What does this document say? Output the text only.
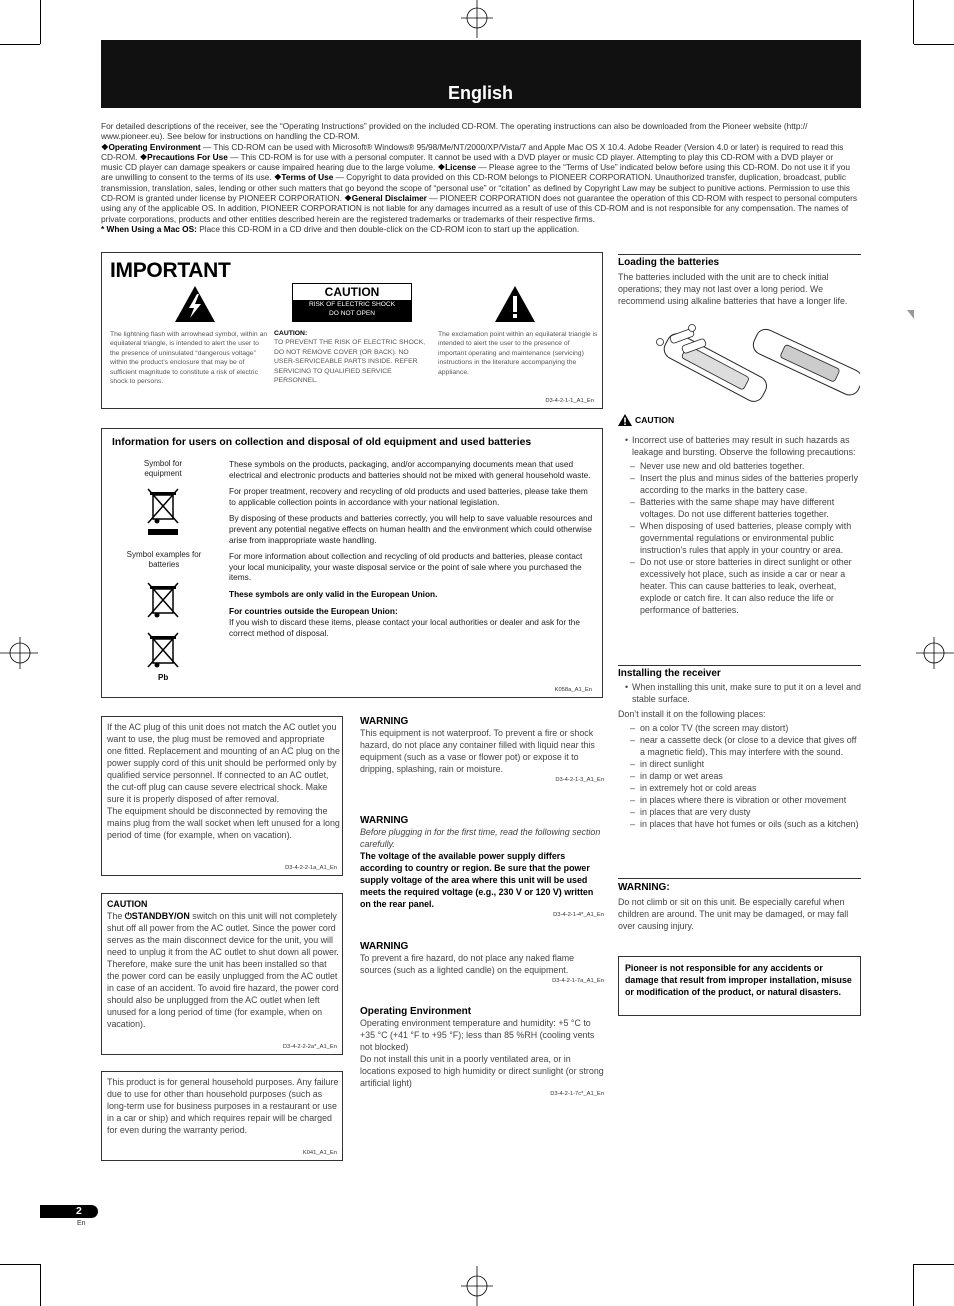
English

For detailed descriptions of the receiver, see the “Operating Instructions” provided on the included CD-ROM. The operating instructions can also be downloaded from the Pioneer website (http:// www.pioneer.eu). See below for instructions on handling the CD-ROM.

❖Operating Environment — This CD-ROM can be used with Microsoft® Windows® 95/98/Me/NT/2000/XP/Vista/7 and Apple Mac OS X 10.4. Adobe Reader (Version 4.0 or later) is required to read this CD-ROM. ❖Precautions For Use — This CD-ROM is for use with a personal computer. It cannot be used with a DVD player or music CD player. Attempting to play this CD-ROM with a DVD player or music CD player can damage speakers or cause impaired hearing due to the large volume. ❖License — Please agree to the “Terms of Use” indicated below before using this CD-ROM. Do not use it if you are unwilling to consent to the terms of its use. ❖Terms of Use — Copyright to data provided on this CD-ROM belongs to PIONEER CORPORATION. Unauthorized transfer, duplication, broadcast, public transmission, translation, sales, lending or other such matters that go beyond the scope of “personal use” or “citation” as defined by Copyright Law may be subject to punitive actions. Permission to use this CD-ROM is granted under license by PIONEER CORPORATION. ❖General Disclaimer — PIONEER CORPORATION does not guarantee the operation of this CD-ROM with respect to personal computers using any of the applicable OS. In addition, PIONEER CORPORATION is not liable for any damages incurred as a result of use of this CD-ROM and is not responsible for any compensation. The names of private corporations, products and other entities described herein are the registered trademarks or trademarks of their respective firms.

* When Using a Mac OS: Place this CD-ROM in a CD drive and then double-click on the CD-ROM icon to start up the application.

IMPORTANT
CAUTION
RISK OF ELECTRIC SHOCK
DO NOT OPEN
The lightning flash with arrowhead symbol, within an equilateral triangle, is intended to alert the user to the presence of uninsulated “dangerous voltage” within the product’s enclosure that may be of sufficient magnitude to constitute a risk of electric shock to persons.
CAUTION:
TO PREVENT THE RISK OF ELECTRIC SHOCK, DO NOT REMOVE COVER (OR BACK). NO USER-SERVICEABLE PARTS INSIDE. REFER SERVICING TO QUALIFIED SERVICE PERSONNEL.
The exclamation point within an equilateral triangle is intended to alert the user to the presence of important operating and maintenance (servicing) instructions in the literature accompanying the appliance.
D3-4-2-1-1_A1_En
Information for users on collection and disposal of old equipment and used batteries
Symbol for equipment
Symbol examples for batteries
Pb

These symbols on the products, packaging, and/or accompanying documents mean that used electrical and electronic products and batteries should not be mixed with general household waste.

For proper treatment, recovery and recycling of old products and used batteries, please take them to applicable collection points in accordance with your national legislation.

By disposing of these products and batteries correctly, you will help to save valuable resources and prevent any potential negative effects on human health and the environment which could otherwise arise from inappropriate waste handling.

For more information about collection and recycling of old products and batteries, please contact your local municipality, your waste disposal service or the point of sale where you purchased the items.

These symbols are only valid in the European Union.

For countries outside the European Union:

If you wish to discard these items, please contact your local authorities or dealer and ask for the correct method of disposal.

K058a_A1_En

If the AC plug of this unit does not match the AC outlet you want to use, the plug must be removed and appropriate one fitted. Replacement and mounting of an AC plug on the power supply cord of this unit should be performed only by qualified service personnel. If connected to an AC outlet, the cut-off plug can cause severe electrical shock. Make sure it is properly disposed of after removal.

The equipment should be disconnected by removing the mains plug from the wall socket when left unused for a long period of time (for example, when on vacation).

D3-4-2-2-1a_A1_En

CAUTION

The ⏻STANDBY/ON switch on this unit will not completely shut off all power from the AC outlet. Since the power cord serves as the main disconnect device for the unit, you will need to unplug it from the AC outlet to shut down all power. Therefore, make sure the unit has been installed so that the power cord can be easily unplugged from the AC outlet in case of an accident. To avoid fire hazard, the power cord should also be unplugged from the AC outlet when left unused for a long period of time (for example, when on vacation).

D3-4-2-2-2a*_A1_En
This product is for general household purposes. Any failure due to use for other than household purposes (such as long-term use for business purposes in a restaurant or use in a car or ship) and which requires repair will be charged for even during the warranty period.
K041_A1_En
WARNING
This equipment is not waterproof. To prevent a fire or shock hazard, do not place any container filled with liquid near this equipment (such as a vase or flower pot) or expose it to dripping, splashing, rain or moisture.
D3-4-2-1-3_A1_En
WARNING
Before plugging in for the first time, read the following section carefully.
The voltage of the available power supply differs according to country or region. Be sure that the power supply voltage of the area where this unit will be used meets the required voltage (e.g., 230 V or 120 V) written on the rear panel.
D3-4-2-1-4*_A1_En
WARNING
To prevent a fire hazard, do not place any naked flame sources (such as a lighted candle) on the equipment.
D3-4-2-1-7a_A1_En
Operating Environment
Operating environment temperature and humidity: +5 °C to +35 °C (+41 °F to +95 °F); less than 85 %RH (cooling vents not blocked)
Do not install this unit in a poorly ventilated area, or in locations exposed to high humidity or direct sunlight (or strong artificial light)
D3-4-2-1-7c*_A1_En
Loading the batteries
The batteries included with the unit are to check initial operations; they may not last over a long period. We recommend using alkaline batteries that have a longer life.
CAUTION
• Incorrect use of batteries may result in such hazards as leakage and bursting. Observe the following precautions:
– Never use new and old batteries together.
– Insert the plus and minus sides of the batteries properly according to the marks in the battery case.
– Batteries with the same shape may have different voltages. Do not use different batteries together.
– When disposing of used batteries, please comply with governmental regulations or environmental public instruction’s rules that apply in your country or area.
– Do not use or store batteries in direct sunlight or other excessively hot place, such as inside a car or near a heater. This can cause batteries to leak, overheat, explode or catch fire. It can also reduce the life or performance of batteries.
Installing the receiver
• When installing this unit, make sure to put it on a level and stable surface.
Don’t install it on the following places:
– on a color TV (the screen may distort)
– near a cassette deck (or close to a device that gives off a magnetic field). This may interfere with the sound.
– in direct sunlight
– in damp or wet areas
– in extremely hot or cold areas
– in places where there is vibration or other movement
– in places that are very dusty
– in places that have hot fumes or oils (such as a kitchen)
WARNING:
Do not climb or sit on this unit. Be especially careful when children are around. The unit may be damaged, or may fall over causing injury.
Pioneer is not responsible for any accidents or damage that result from improper installation, misuse or modification of the product, or natural disasters.
2
En
